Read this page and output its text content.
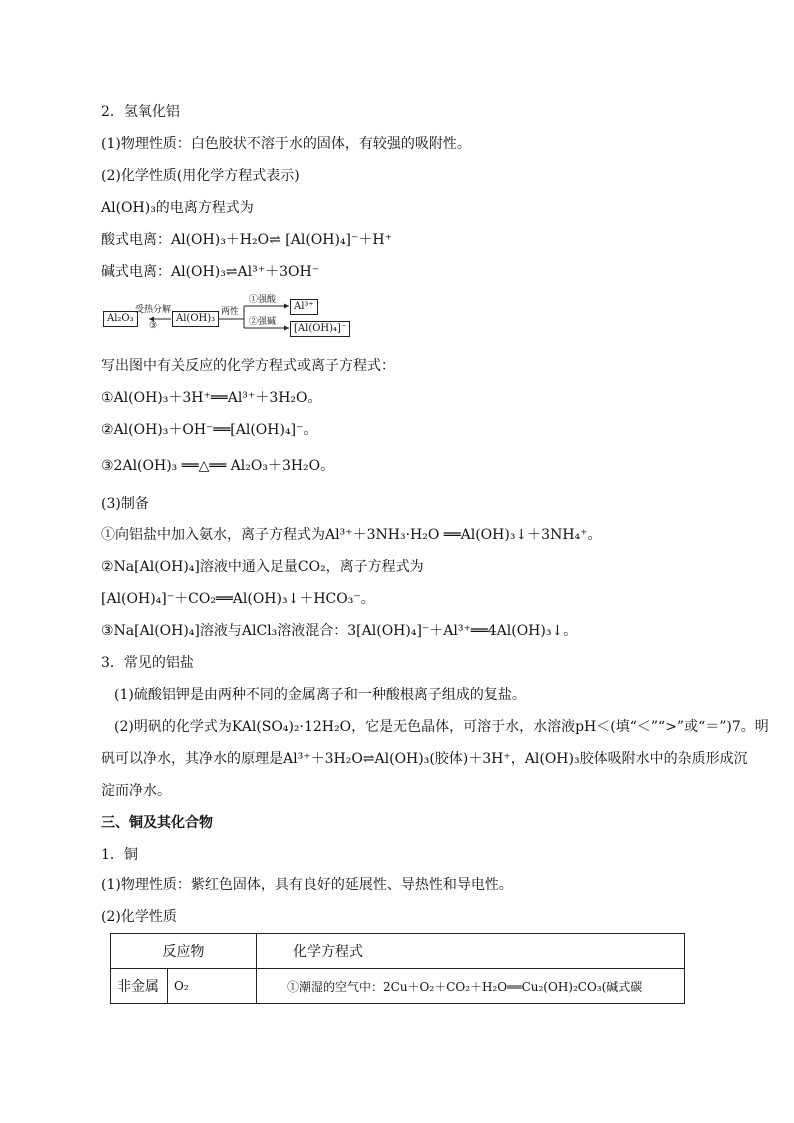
2．氢氧化铝
(1)物理性质：白色胶状不溶于水的固体，有较强的吸附性。
(2)化学性质(用化学方程式表示)
Al(OH)₃的电离方程式为
酸式电离：Al(OH)₃＋H₂O⇌ [Al(OH)₄]⁻＋H⁺
碱式电离：Al(OH)₃⇌Al³⁺＋3OH⁻
Al₂O₃
受热分解
③
Al(OH)₃
两性
①强酸
②强碱
Al³⁺
[Al(OH)₄]⁻
写出图中有关反应的化学方程式或离子方程式：
①Al(OH)₃＋3H⁺══Al³⁺＋3H₂O。
②Al(OH)₃＋OH⁻══[Al(OH)₄]⁻。
③2Al(OH)₃ ══△══ Al₂O₃＋3H₂O。
(3)制备
①向铝盐中加入氨水，离子方程式为Al³⁺＋3NH₃·H₂O ══Al(OH)₃↓＋3NH₄⁺。
②Na[Al(OH)₄]溶液中通入足量CO₂，离子方程式为
[Al(OH)₄]⁻＋CO₂══Al(OH)₃↓＋HCO₃⁻。
③Na[Al(OH)₄]溶液与AlCl₃溶液混合：3[Al(OH)₄]⁻＋Al³⁺══4Al(OH)₃↓。
3．常见的铝盐
(1)硫酸铝钾是由两种不同的金属离子和一种酸根离子组成的复盐。
(2)明矾的化学式为KAl(SO₄)₂·12H₂O，它是无色晶体，可溶于水，水溶液pH＜(填“＜”“>”或“＝”)7。明
矾可以净水，其净水的原理是Al³⁺＋3H₂O⇌Al(OH)₃(胶体)＋3H⁺，Al(OH)₃胶体吸附水中的杂质形成沉
淀而净水。
三、铜及其化合物
1．铜
(1)物理性质：紫红色固体，具有良好的延展性、导热性和导电性。
(2)化学性质
反应物		化学方程式
非金属	O₂	①潮湿的空气中：2Cu＋O₂＋CO₂＋H₂O══Cu₂(OH)₂CO₃(碱式碳
